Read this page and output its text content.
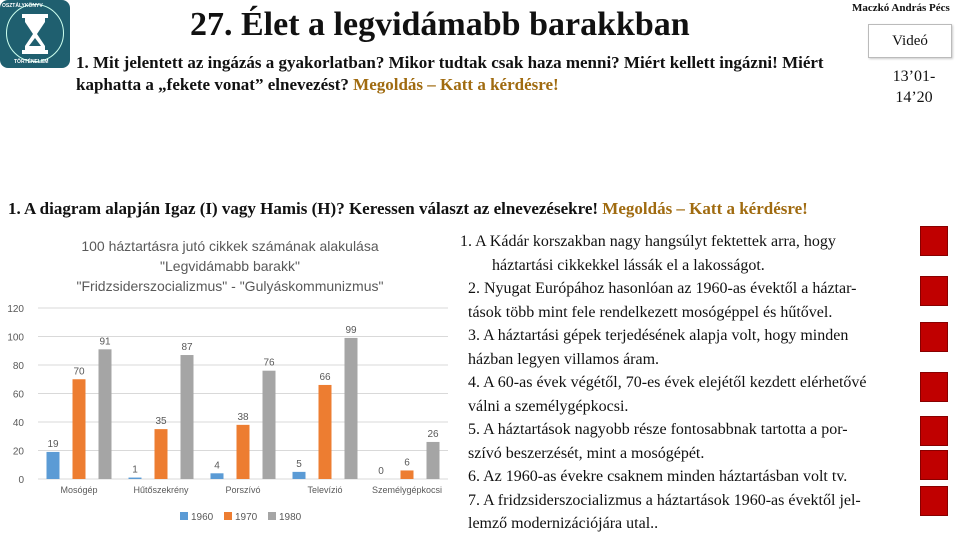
OSZTÁLYKÖNYV
TÖRTÉNELEM
27. Élet a legvidámabb barakkban	Maczkó András Pécs
Videó
13’01-
14’20
1. Mit jelentett az ingázás a gyakorlatban? Mikor tudtak csak haza menni? Miért kellett ingázni! Miért kaphatta a „fekete vonat” elnevezést? Megoldás – Katt a kérdésre!
1. A diagram alapján Igaz (I) vagy Hamis (H)? Keressen választ az elnevezésekre! Megoldás – Katt a kérdésre!
100 háztartásra jutó cikkek számának alakulása
"Legvidámabb barakk"
"Fridzsiderszocializmus" - "Gulyáskommunizmus"
0
20
40
60
80
100
120
19
70
91
Mosógép
1
35
87
Hűtőszekrény
4
38
76
Porszívó
5
66
99
Televízió
0
6
26
Személygépkocsi
1960 1970 1980
1. A Kádár korszakban nagy hangsúlyt fektettek arra, hogy
háztartási cikkekkel lássák el a lakosságot.
2. Nyugat Európához hasonlóan az 1960-as évektől a háztar-
tások több mint fele rendelkezett mosógéppel és hűtővel.
3. A háztartási gépek terjedésének alapja volt, hogy minden
házban legyen villamos áram.
4. A 60-as évek végétől, 70-es évek elejétől kezdett elérhetővé
válni a személygépkocsi.
5. A háztartások nagyobb része fontosabbnak tartotta a por-
szívó beszerzését, mint a mosógépét.
6. Az 1960-as évekre csaknem minden háztartásban volt tv.
7. A fridzsiderszocializmus a háztartások 1960-as évektől jel-
lemző modernizációjára utal..
